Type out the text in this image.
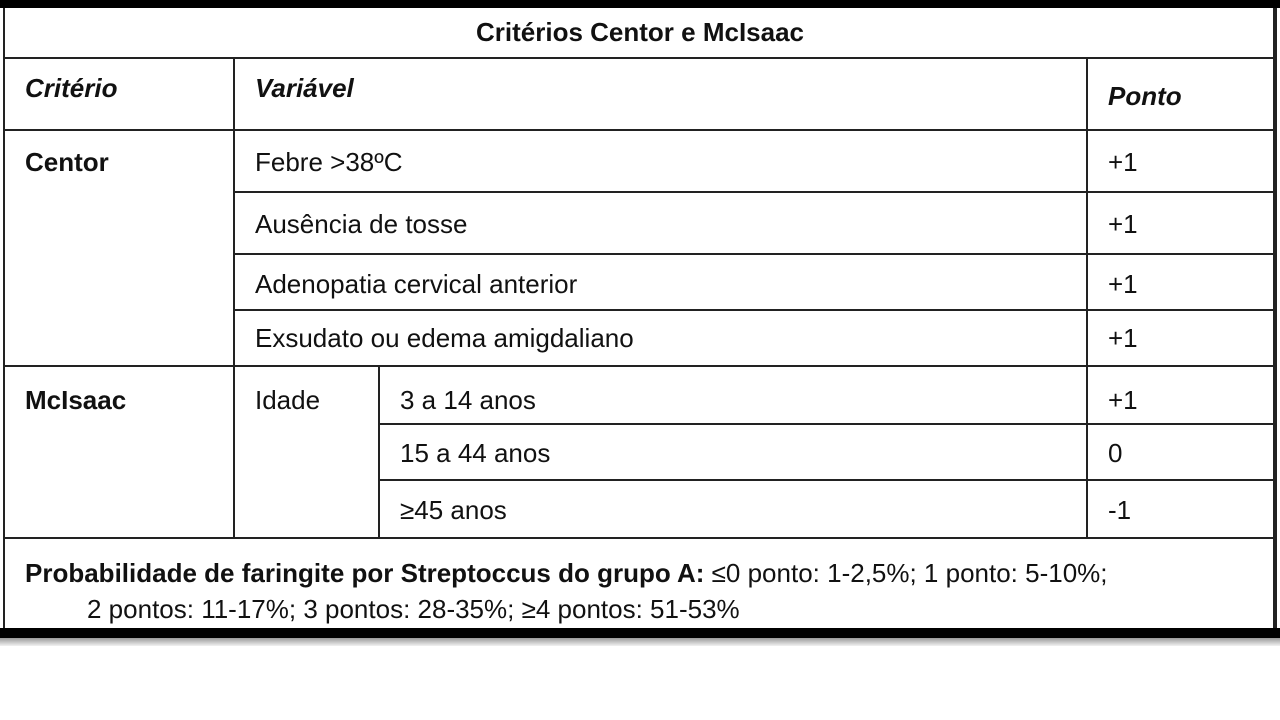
Critérios Centor e McIsaac			
Critério	Variável		Ponto
Centor	Febre >38ºC		+1
	Ausência de tosse		+1
	Adenopatia cervical anterior		+1
	Exsudato ou edema amigdaliano		+1
McIsaac	Idade	3 a 14 anos	+1
		15 a 44 anos	0
		≥45 anos	-1
Probabilidade de faringite por Streptoccus do grupo A: ≤0 ponto: 1-2,5%; 1 ponto: 5-10%;
2 pontos: 11-17%; 3 pontos: 28-35%; ≥4 pontos: 51-53%			
